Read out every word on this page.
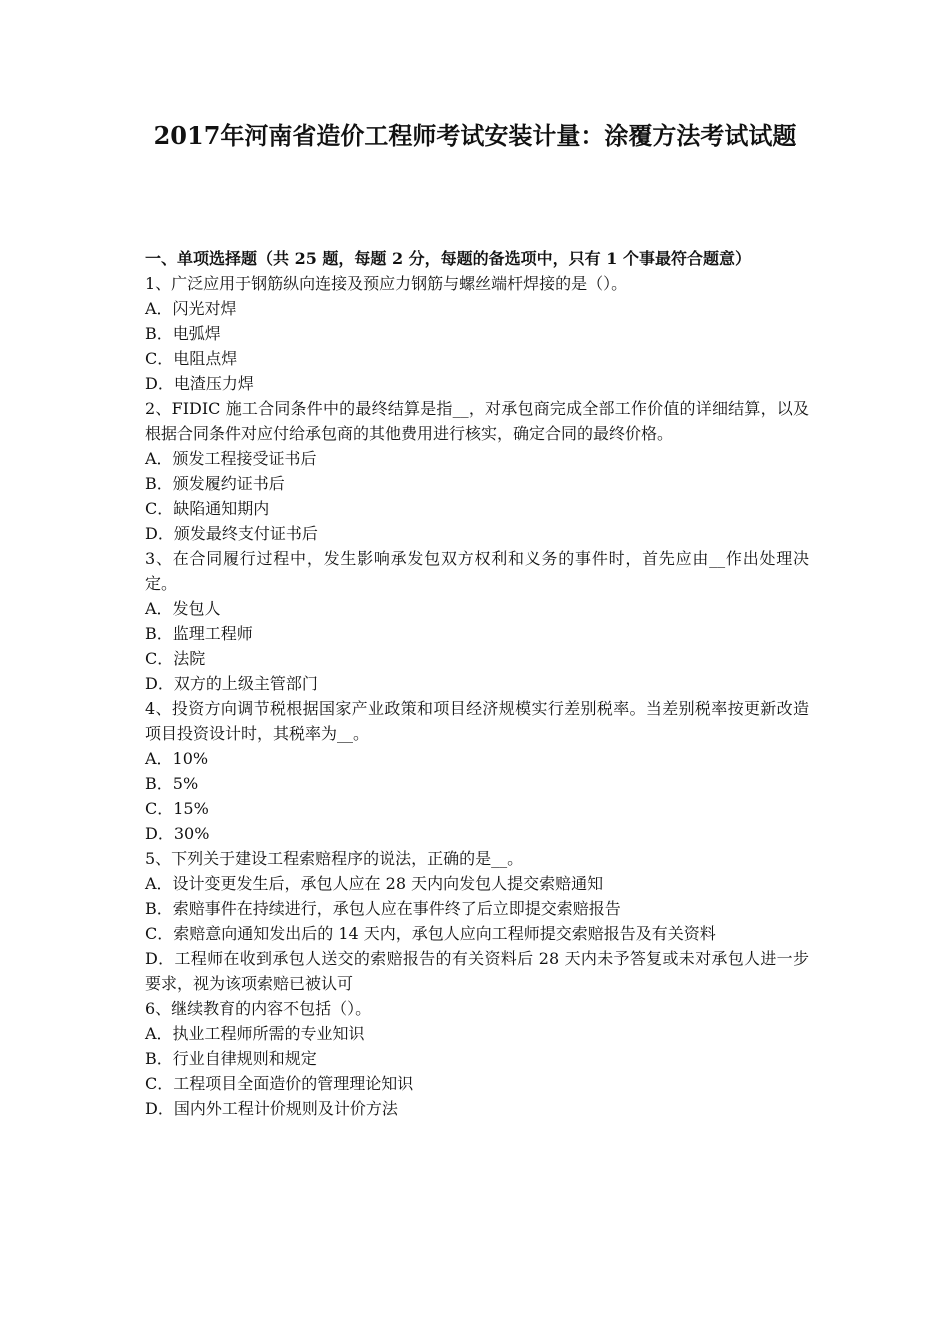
2017年河南省造价工程师考试安装计量：涂覆方法考试试题
一、单项选择题（共 25 题，每题 2 分，每题的备选项中，只有 1 个事最符合题意）

1、广泛应用于钢筋纵向连接及预应力钢筋与螺丝端杆焊接的是（）。

A．闪光对焊

B．电弧焊

C．电阻点焊

D．电渣压力焊

2、FIDIC 施工合同条件中的最终结算是指__，对承包商完成全部工作价值的详细结算，以及根据合同条件对应付给承包商的其他费用进行核实，确定合同的最终价格。

A．颁发工程接受证书后

B．颁发履约证书后

C．缺陷通知期内

D．颁发最终支付证书后

3、在合同履行过程中，发生影响承发包双方权利和义务的事件时，首先应由__作出处理决定。

A．发包人

B．监理工程师

C．法院

D．双方的上级主管部门

4、投资方向调节税根据国家产业政策和项目经济规模实行差别税率。当差别税率按更新改造项目投资设计时，其税率为__。

A．10%

B．5%

C．15%

D．30%

5、下列关于建设工程索赔程序的说法，正确的是__。

A．设计变更发生后，承包人应在 28 天内向发包人提交索赔通知

B．索赔事件在持续进行，承包人应在事件终了后立即提交索赔报告

C．索赔意向通知发出后的 14 天内，承包人应向工程师提交索赔报告及有关资料

D．工程师在收到承包人送交的索赔报告的有关资料后 28 天内未予答复或未对承包人进一步要求，视为该项索赔已被认可

6、继续教育的内容不包括（）。

A．执业工程师所需的专业知识

B．行业自律规则和规定

C．工程项目全面造价的管理理论知识

D．国内外工程计价规则及计价方法
